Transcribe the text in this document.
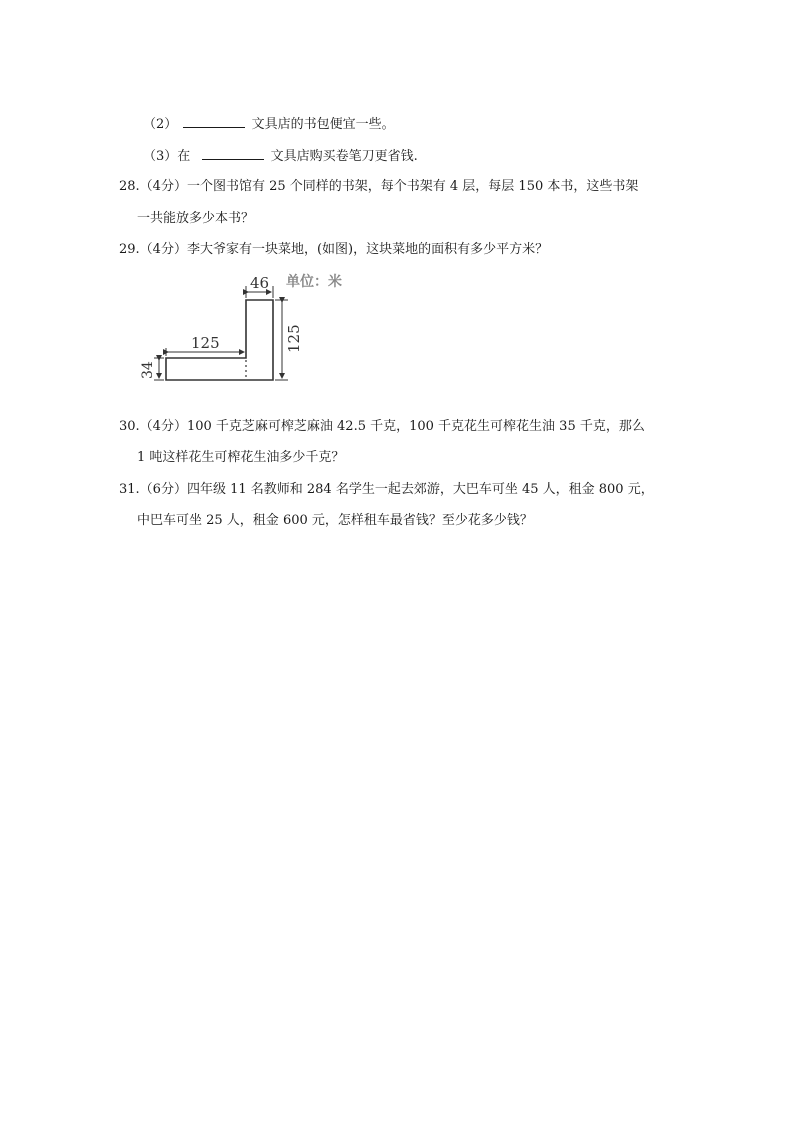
（2）	文具店的书包便宜一些。
（3）在	文具店购买卷笔刀更省钱.
28.（4分）一个图书馆有 25 个同样的书架，每个书架有 4 层，每层 150 本书，这些书架
一共能放多少本书？
29.（4分）李大爷家有一块菜地，(如图)，这块菜地的面积有多少平方米？
46 单位：米
125
125
34
30.（4分）100 千克芝麻可榨芝麻油 42.5 千克，100 千克花生可榨花生油 35 千克，那么
1 吨这样花生可榨花生油多少千克？
31.（6分）四年级 11 名教师和 284 名学生一起去郊游，大巴车可坐 45 人，租金 800 元，
中巴车可坐 25 人，租金 600 元，怎样租车最省钱？至少花多少钱？
